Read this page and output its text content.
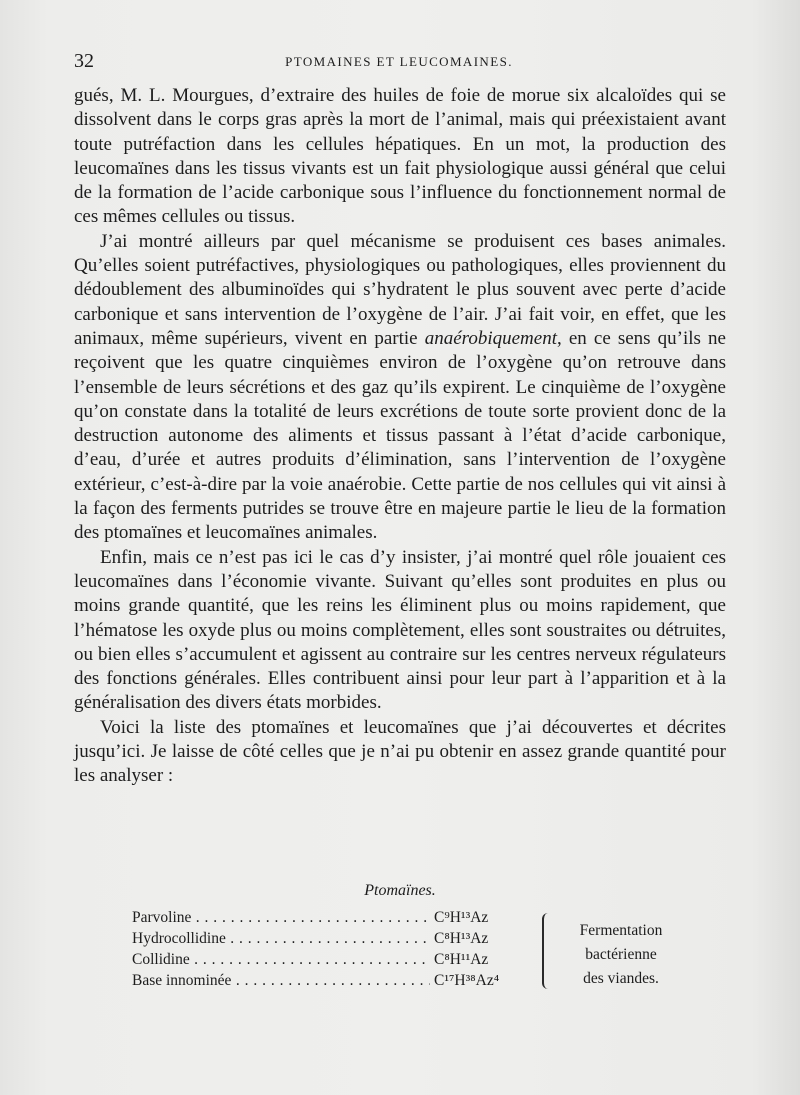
32	PTOMAINES ET LEUCOMAINES.

gués, M. L. Mourgues, d’extraire des huiles de foie de morue six alcaloïdes qui se dissolvent dans le corps gras après la mort de l’animal, mais qui préexistaient avant toute putréfaction dans les cellules hépatiques. En un mot, la production des leucomaïnes dans les tissus vivants est un fait physiologique aussi général que celui de la formation de l’acide carbonique sous l’influence du fonctionnement normal de ces mêmes cellules ou tissus.

J’ai montré ailleurs par quel mécanisme se produisent ces bases animales. Qu’elles soient putréfactives, physiologiques ou pathologiques, elles proviennent du dédoublement des albuminoïdes qui s’hydratent le plus souvent avec perte d’acide carbonique et sans intervention de l’oxygène de l’air. J’ai fait voir, en effet, que les animaux, même supérieurs, vivent en partie anaérobiquement, en ce sens qu’ils ne reçoivent que les quatre cinquièmes environ de l’oxygène qu’on retrouve dans l’ensemble de leurs sécrétions et des gaz qu’ils expirent. Le cinquième de l’oxygène qu’on constate dans la totalité de leurs excrétions de toute sorte provient donc de la destruction autonome des aliments et tissus passant à l’état d’acide carbonique, d’eau, d’urée et autres produits d’élimination, sans l’intervention de l’oxygène extérieur, c’est-à-dire par la voie anaérobie. Cette partie de nos cellules qui vit ainsi à la façon des ferments putrides se trouve être en majeure partie le lieu de la formation des ptomaïnes et leucomaïnes animales.

Enfin, mais ce n’est pas ici le cas d’y insister, j’ai montré quel rôle jouaient ces leucomaïnes dans l’économie vivante. Suivant qu’elles sont produites en plus ou moins grande quantité, que les reins les éliminent plus ou moins rapidement, que l’hématose les oxyde plus ou moins complètement, elles sont soustraites ou détruites, ou bien elles s’accumulent et agissent au contraire sur les centres nerveux régulateurs des fonctions générales. Elles contribuent ainsi pour leur part à l’apparition et à la généralisation des divers états morbides.

Voici la liste des ptomaïnes et leucomaïnes que j’ai découvertes et décrites jusqu’ici. Je laisse de côté celles que je n’ai pu obtenir en assez grande quantité pour les analyser :

Ptomaïnes.
Parvoline . . .	C⁹H¹³Az
Hydrocollidine . . .	C⁸H¹³Az
Collidine . . .	C⁸H¹¹Az
Base innominée . . .	C¹⁷H³⁸Az⁴
Fermentation
bactérienne
des viandes.
